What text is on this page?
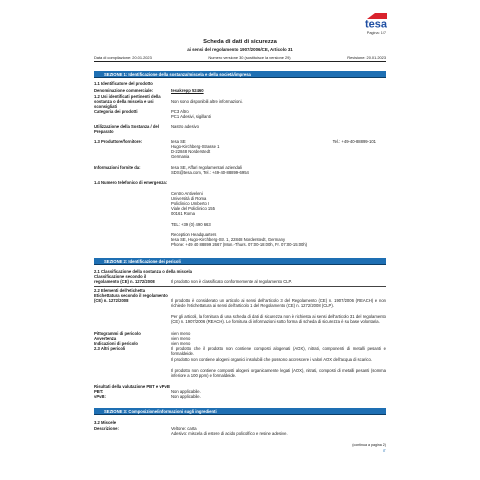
tesa
Pagina: 1/7
Scheda di dati di sicurezza
ai sensi del regolamento 1907/2006/CE, Articolo 31
Data di compilazione: 20.01.2023	Numero versione 30 (sostituisce la versione 29)	Revisione: 20.01.2023
SEZIONE 1: Identificazione della sostanza/miscela e della società/impresa
1.1 Identificatore del prodotto
Denominazione commerciale:	tesakrepp 52460
1.2 Usi identificati pertinenti della sostanza o della miscela e usi sconsigliati
Non sono disponibili altre informazioni.
Categoria dei prodotti	PC3 Altro
PC1 Adesivi, sigillanti
Utilizzazione della Sostanza / del Preparato
Nastro adesivo
1.3 Produttore/fornitore:	tesa SE	Tel.: +49-40-88899-101
Hugo-Kirchberg-Strasse 1
D-22848 Norderstedt
Germania
Informazioni fornite da:	tesa SE, Affari regolamentari aziendali
SDS@tesa.com, Tel.: +49-40-88899-6954
1.4 Numero telefonico di emergenza:
Centro Antiveleni
Università di Roma
Policlinico Umberto I
Viale del Policlinico 155
00161 Roma
TEL: +39 (0) 490 663
Reception Headquarters
tesa SE, Hugo-Kirchberg-Str. 1, 22848 Norderstedt, Germany
Phone: +49 40 88899 2667 (Mon.-Thurs. 07:00-18:00h, Fr. 07:00-15:00h)
SEZIONE 2: Identificazione dei pericoli
2.1 Classificazione della sostanza o della miscela
Classificazione secondo il regolamento (CE) n. 1272/2008	Il prodotto non è classificato conformemente al regolamento CLP.
2.2 Elementi dell'etichetta
Etichettatura secondo il regolamento (CE) n. 1272/2008	Il prodotto è considerato un articolo ai sensi dell'articolo 3 del Regolamento (CE) n. 1907/2006 (REACH) e non richiede l'etichettatura ai sensi dell'articolo 1 del Regolamento (CE) n. 1272/2008 (CLP).
Per gli articoli, la fornitura di una scheda di dati di sicurezza non è richiesta ai sensi dell'articolo 31 del regolamento (CE) n. 1907/2006 (REACH). Le fornitura di informazioni sotto forma di scheda di sicurezza è su base volontaria.
Pittogrammi di pericolo	vien meno
Avvertenza	vien meno
Indicazioni di pericolo	vien meno
2.3 Altri pericoli	Il prodotto che il prodotto non contiene composti alogenati (AOX), nitrati, componenti di metalli pesanti e formaldeide.
Il prodotto non contiene alogeni organici insolubili che possono accrescere i valori AOX dell'acqua di scarico.
Il prodotto non contiene composti alogeni organicamente legati (AOX), nitrati, composti di metalli pesanti (somma inferiore a 100 ppm) e formaldeide.
Risultati della valutazione PBT e vPvB
PBT:	Non applicabile.
vPvB:	Non applicabile.
SEZIONE 3: Composizione/informazioni sugli ingredienti
3.2 Miscele
Descrizione:	Veltone: carta
Adesivo: miscela di estere di acido policolfico e resine adesive.
(continua a pagina 2)
IT
